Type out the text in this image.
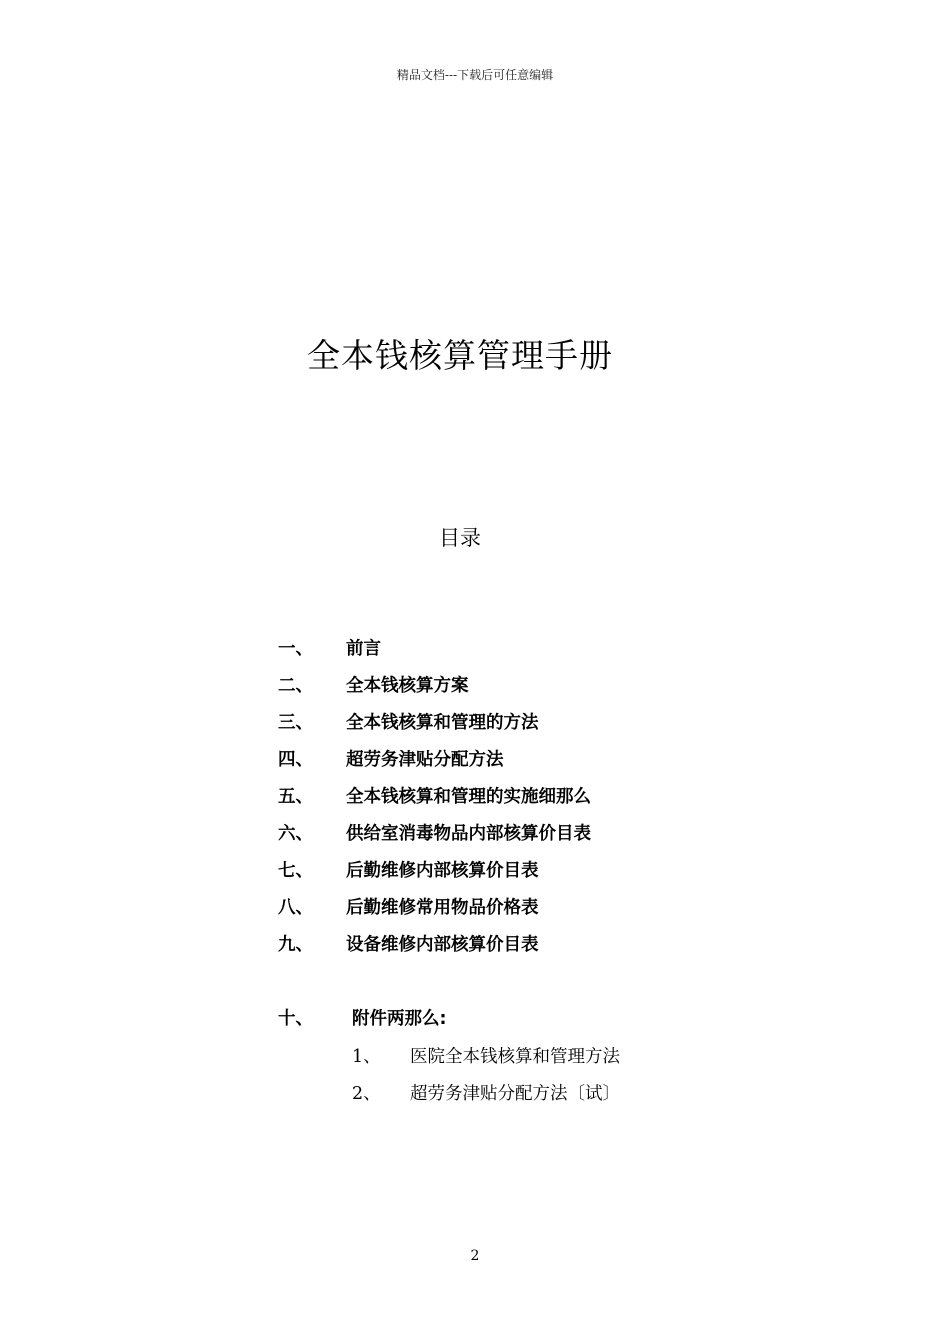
精品文档---下载后可任意编辑
全本钱核算管理手册
目录
一、 前言
二、 全本钱核算方案
三、 全本钱核算和管理的方法
四、 超劳务津贴分配方法
五、 全本钱核算和管理的实施细那么
六、 供给室消毒物品内部核算价目表
七、 后勤维修内部核算价目表
八、 后勤维修常用物品价格表
九、 设备维修内部核算价目表
十、 附件两那么:
1、 医院全本钱核算和管理方法
2、 超劳务津贴分配方法〔试〕
2
